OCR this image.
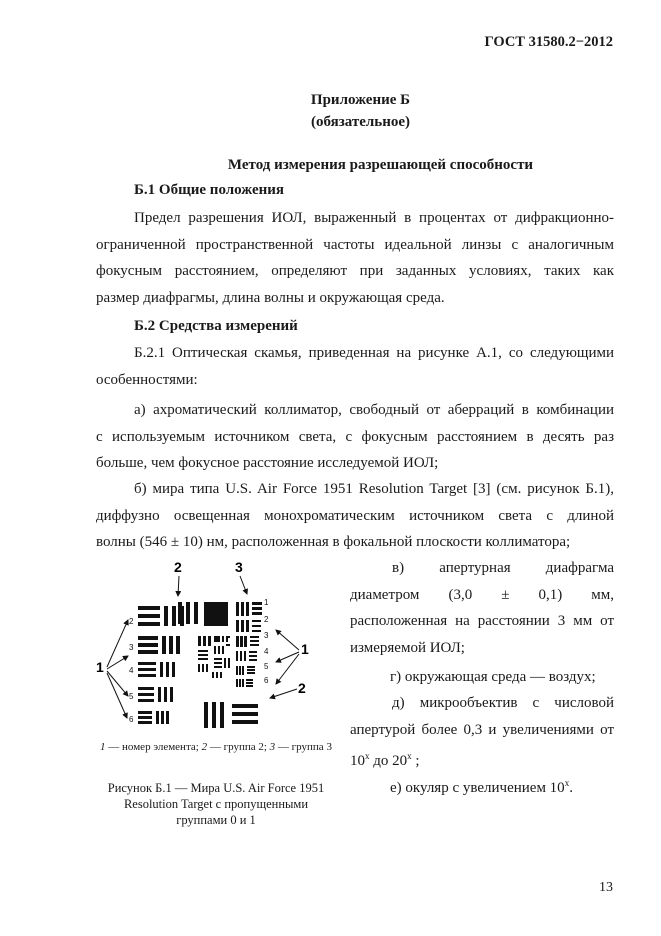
ГОСТ 31580.2−2012
Приложение Б
(обязательное)
Метод измерения разрешающей способности
Б.1 Общие положения
Предел разрешения ИОЛ, выраженный в процентах от дифракционно-
ограниченной пространственной частоты идеальной линзы с аналогичным
фокусным расстоянием, определяют при заданных условиях, таких как
размер диафрагмы, длина волны и окружающая среда.
Б.2 Средства измерений
Б.2.1 Оптическая скамья, приведенная на рисунке А.1, со следующими
особенностями:
а) ахроматический коллиматор, свободный от аберраций в комбинации
с используемым источником света, с фокусным расстоянием в десять раз
больше, чем фокусное расстояние исследуемой ИОЛ;
б) мира типа U.S. Air Force 1951 Resolution Target [3] (см. рисунок Б.1),
диффузно освещенная монохроматическим источником света с длиной
волны (546 ± 10) нм, расположенная в фокальной плоскости коллиматора;
2	3
1
1
2
2
3
4
5
6
1
2
3
4
5
6
1 — номер элемента; 2 — группа 2; 3 — группа 3
Рисунок Б.1 — Мира U.S. Air Force 1951
Resolution Target с пропущенными
группами 0 и 1
в) апертурная диафрагма
диаметром (3,0 ± 0,1) мм,
расположенная на расстоянии 3 мм от
измеряемой ИОЛ;
г) окружающая среда — воздух;
д) микрообъектив с числовой
апертурой более 0,3 и увеличениями от
$10^х$ до $20^х$ ;
е) окуляр с увеличением $10^х$.
13
